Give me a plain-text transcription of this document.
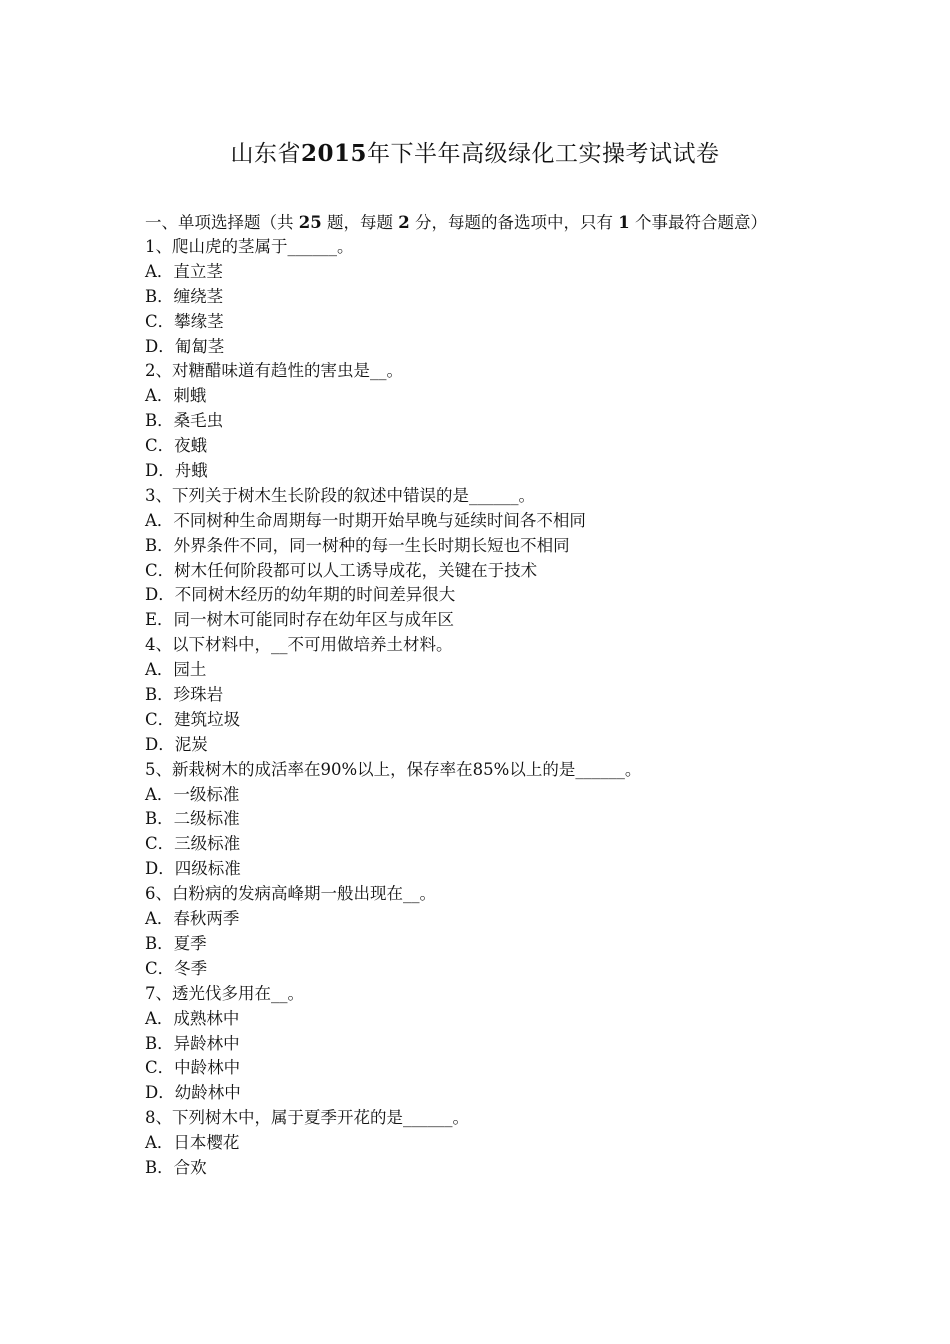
山东省2015年下半年高级绿化工实操考试试卷
一、单项选择题（共 25 题，每题 2 分，每题的备选项中，只有 1 个事最符合题意）
1、爬山虎的茎属于______。
A．直立茎
B．缠绕茎
C．攀缘茎
D．匍匐茎
2、对糖醋味道有趋性的害虫是__。
A．刺蛾
B．桑毛虫
C．夜蛾
D．舟蛾
3、下列关于树木生长阶段的叙述中错误的是______。
A．不同树种生命周期每一时期开始早晚与延续时间各不相同
B．外界条件不同，同一树种的每一生长时期长短也不相同
C．树木任何阶段都可以人工诱导成花，关键在于技术
D．不同树木经历的幼年期的时间差异很大
E．同一树木可能同时存在幼年区与成年区
4、以下材料中，__不可用做培养土材料。
A．园土
B．珍珠岩
C．建筑垃圾
D．泥炭
5、新栽树木的成活率在90%以上，保存率在85%以上的是______。
A．一级标准
B．二级标准
C．三级标准
D．四级标准
6、白粉病的发病高峰期一般出现在__。
A．春秋两季
B．夏季
C．冬季
7、透光伐多用在__。
A．成熟林中
B．异龄林中
C．中龄林中
D．幼龄林中
8、下列树木中，属于夏季开花的是______。
A．日本樱花
B．合欢
